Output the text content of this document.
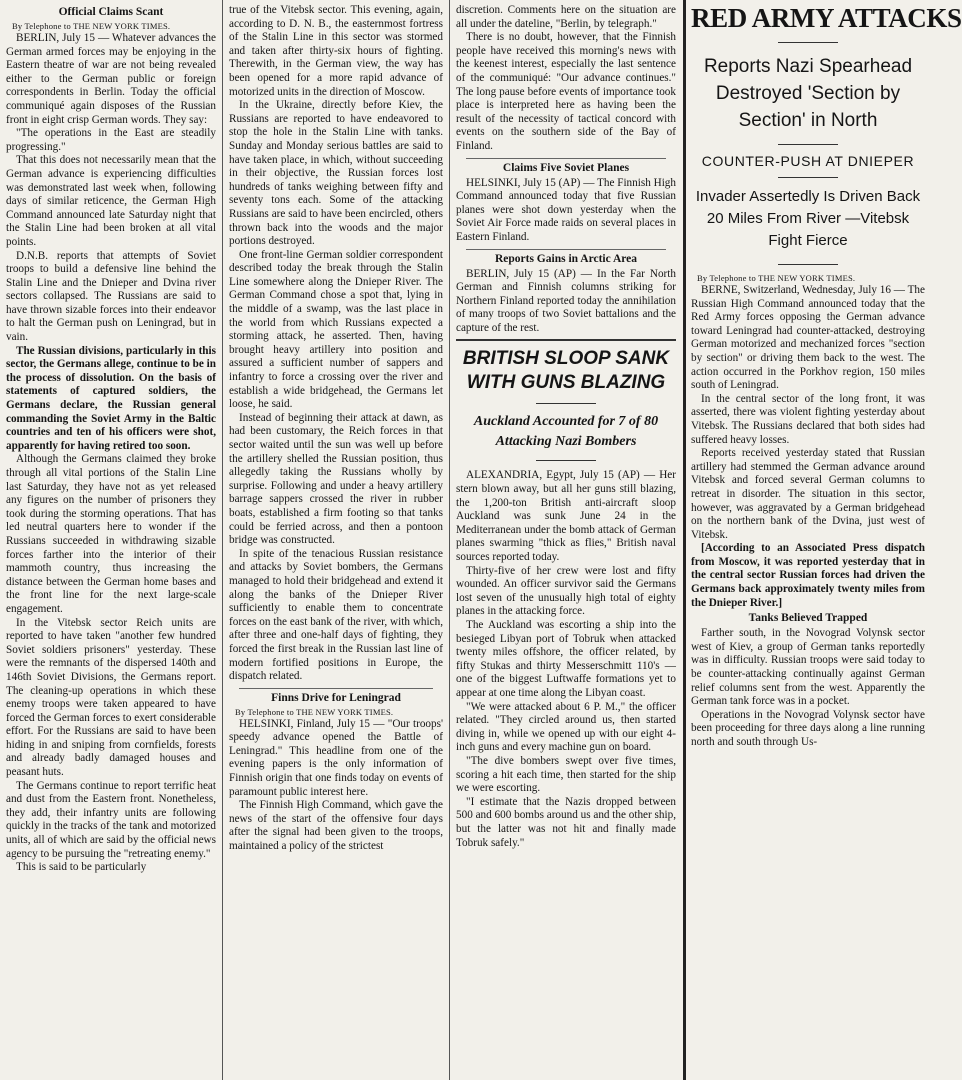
Official Claims Scant
By Telephone to THE NEW YORK TIMES.

BERLIN, July 15 — Whatever advances the German armed forces may be enjoying in the Eastern theatre of war are not being revealed either to the German public or foreign correspondents in Berlin. Today the official communiqué again disposes of the Russian front in eight crisp German words. They say:

"The operations in the East are steadily progressing."

That this does not necessarily mean that the German advance is experiencing difficulties was demonstrated last week when, following days of similar reticence, the German High Command announced late Saturday night that the Stalin Line had been broken at all vital points.

D.N.B. reports that attempts of Soviet troops to build a defensive line behind the Stalin Line and the Dnieper and Dvina river sectors collapsed. The Russians are said to have thrown sizable forces into their endeavor to halt the German push on Leningrad, but in vain.

The Russian divisions, particularly in this sector, the Germans allege, continue to be in the process of dissolution. On the basis of statements of captured soldiers, the Germans declare, the Russian general commanding the Soviet Army in the Baltic countries and ten of his officers were shot, apparently for having retired too soon.

Although the Germans claimed they broke through all vital portions of the Stalin Line last Saturday, they have not as yet released any figures on the number of prisoners they took during the storming operations. That has led neutral quarters here to wonder if the Russians succeeded in withdrawing sizable forces farther into the interior of their mammoth country, thus increasing the distance between the German home bases and the front line for the next large-scale engagement.

In the Vitebsk sector Reich units are reported to have taken "another few hundred Soviet soldiers prisoners" yesterday. These were the remnants of the dispersed 140th and 146th Soviet Divisions, the Germans report. The cleaning-up operations in which these enemy troops were taken appeared to have forced the German forces to exert considerable effort. For the Russians are said to have been hiding in and sniping from cornfields, forests and already badly damaged houses and peasant huts.

The Germans continue to report terrific heat and dust from the Eastern front. Nonetheless, they add, their infantry units are following quickly in the tracks of the tank and motorized units, all of which are said by the official news agency to be pursuing the "retreating enemy."

This is said to be particularly

true of the Vitebsk sector. This evening, again, according to D. N. B., the easternmost fortress of the Stalin Line in this sector was stormed and taken after thirty-six hours of fighting. Therewith, in the German view, the way has been opened for a more rapid advance of motorized units in the direction of Moscow.

In the Ukraine, directly before Kiev, the Russians are reported to have endeavored to stop the hole in the Stalin Line with tanks. Sunday and Monday serious battles are said to have taken place, in which, without succeeding in their objective, the Russian forces lost hundreds of tanks weighing between fifty and seventy tons each. Some of the attacking Russians are said to have been encircled, others thrown back into the woods and the major portions destroyed.

One front-line German soldier correspondent described today the break through the Stalin Line somewhere along the Dnieper River. The German Command chose a spot that, lying in the middle of a swamp, was the last place in the world from which Russians expected a storming attack, he asserted. Then, having brought heavy artillery into position and assured a sufficient number of sappers and infantry to force a crossing over the river and establish a wide bridgehead, the Germans let loose, he said.

Instead of beginning their attack at dawn, as had been customary, the Reich forces in that sector waited until the sun was well up before the artillery shelled the Russian position, thus allegedly taking the Russians wholly by surprise. Following and under a heavy artillery barrage sappers crossed the river in rubber boats, established a firm footing so that tanks could be ferried across, and then a pontoon bridge was constructed.

In spite of the tenacious Russian resistance and attacks by Soviet bombers, the Germans managed to hold their bridgehead and extend it along the banks of the Dnieper River sufficiently to enable them to concentrate forces on the east bank of the river, with which, after three and one-half days of fighting, they forced the first break in the Russian last line of modern fortified positions in Europe, the dispatch related.

Finns Drive for Leningrad
By Telephone to THE NEW YORK TIMES.

HELSINKI, Finland, July 15 — "Our troops' speedy advance opened the Battle of Leningrad." This headline from one of the evening papers is the only information of Finnish origin that one finds today on events of paramount public interest here.

The Finnish High Command, which gave the news of the start of the offensive four days after the signal had been given to the troops, maintained a policy of the strictest

discretion. Comments here on the situation are all under the dateline, "Berlin, by telegraph."

There is no doubt, however, that the Finnish people have received this morning's news with the keenest interest, especially the last sentence of the communiqué: "Our advance continues." The long pause before events of importance took place is interpreted here as having been the result of the necessity of tactical concord with events on the southern side of the Bay of Finland.

Claims Five Soviet Planes

HELSINKI, July 15 (AP) — The Finnish High Command announced today that five Russian planes were shot down yesterday when the Soviet Air Force made raids on several places in Eastern Finland.

Reports Gains in Arctic Area

BERLIN, July 15 (AP) — In the Far North German and Finnish columns striking for Northern Finland reported today the annihilation of many troops of two Soviet battalions and the capture of the rest.

BRITISH SLOOP SANK WITH GUNS BLAZING
Auckland Accounted for 7 of 80 Attacking Nazi Bombers

ALEXANDRIA, Egypt, July 15 (AP) — Her stern blown away, but all her guns still blazing, the 1,200-ton British anti-aircraft sloop Auckland was sunk June 24 in the Mediterranean under the bomb attack of German planes swarming "thick as flies," British naval sources reported today.

Thirty-five of her crew were lost and fifty wounded. An officer survivor said the Germans lost seven of the unusually high total of eighty planes in the attacking force.

The Auckland was escorting a ship into the besieged Libyan port of Tobruk when attacked twenty miles offshore, the officer related, by fifty Stukas and thirty Messerschmitt 110's — one of the biggest Luftwaffe formations yet to appear at one time along the Libyan coast.

"We were attacked about 6 P. M.," the officer related. "They circled around us, then started diving in, while we opened up with our eight 4-inch guns and every machine gun on board.

"The dive bombers swept over five times, scoring a hit each time, then started for the ship we were escorting.

"I estimate that the Nazis dropped between 500 and 600 bombs around us and the other ship, but the latter was not hit and finally made Tobruk safely."

RED ARMY ATTACKS
Reports Nazi Spearhead Destroyed 'Section by Section' in North
COUNTER-PUSH AT DNIEPER
Invader Assertedly Is Driven Back 20 Miles From River —Vitebsk Fight Fierce
By Telephone to THE NEW YORK TIMES.

BERNE, Switzerland, Wednesday, July 16 — The Russian High Command announced today that the Red Army forces opposing the German advance toward Leningrad had counter-attacked, destroying German motorized and mechanized forces "section by section" or driving them back to the west. The action occurred in the Porkhov region, 150 miles south of Leningrad.

In the central sector of the long front, it was asserted, there was violent fighting yesterday about Vitebsk. The Russians declared that both sides had suffered heavy losses.

Reports received yesterday stated that Russian artillery had stemmed the German advance around Vitebsk and forced several German columns to retreat in disorder. The situation in this sector, however, was aggravated by a German bridgehead on the northern bank of the Dvina, just west of Vitebsk.

[According to an Associated Press dispatch from Moscow, it was reported yesterday that in the central sector Russian forces had driven the Germans back approximately twenty miles from the Dnieper River.]

Tanks Believed Trapped

Farther south, in the Novograd Volynsk sector west of Kiev, a group of German tanks reportedly was in difficulty. Russian troops were said today to be counter-attacking continually against German relief columns sent from the west. Apparently the German tank force was in a pocket.

Operations in the Novograd Volynsk sector have been proceeding for three days along a line running north and south through Us-
